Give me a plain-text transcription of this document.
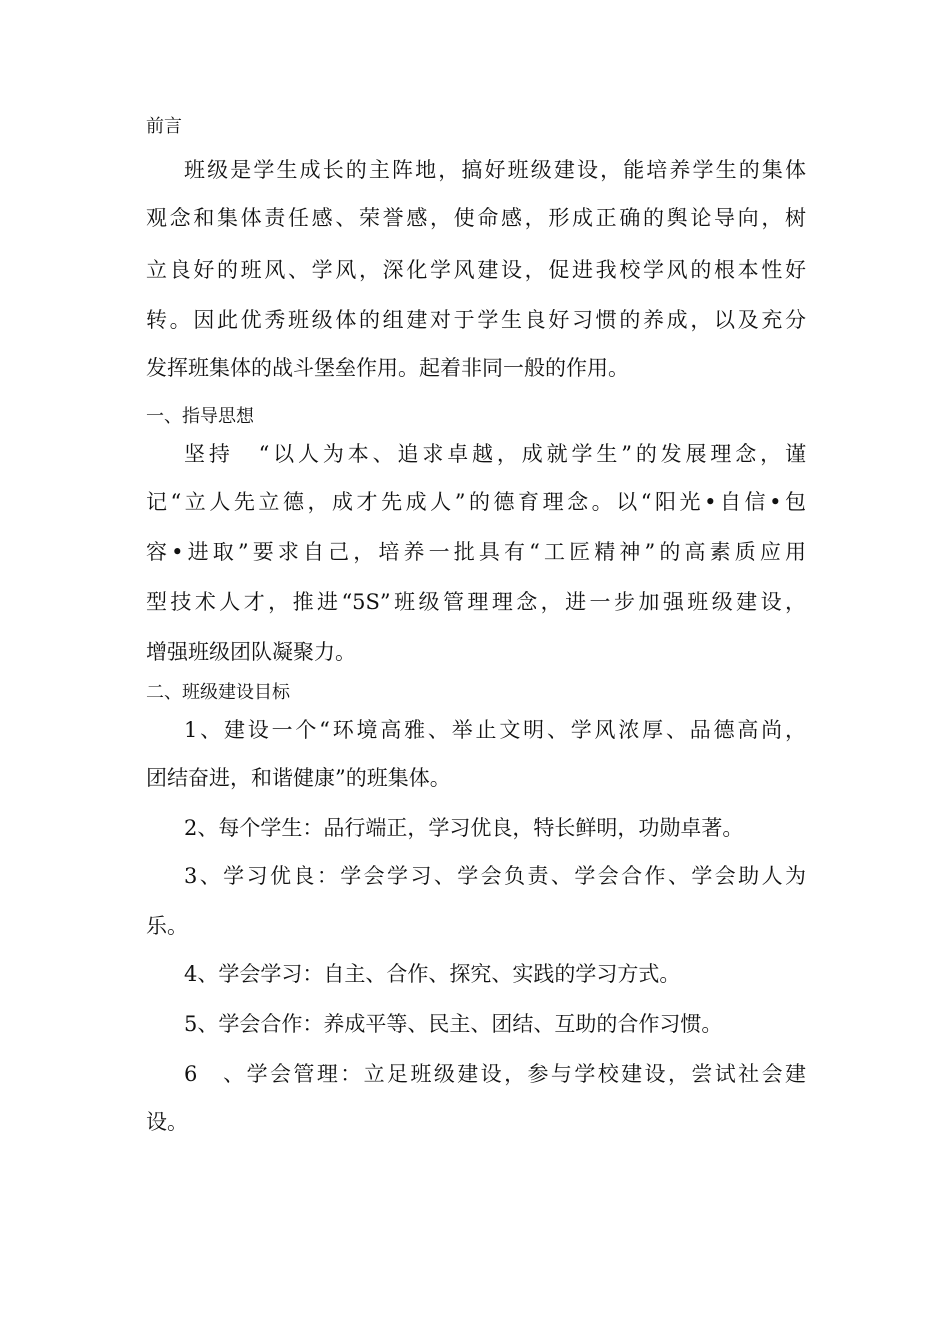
前言
班级是学生成长的主阵地，搞好班级建设，能培养学生的集体
观念和集体责任感、荣誉感，使命感，形成正确的舆论导向，树
立良好的班风、学风，深化学风建设，促进我校学风的根本性好
转。因此优秀班级体的组建对于学生良好习惯的养成，以及充分
发挥班集体的战斗堡垒作用。起着非同一般的作用。
一、指导思想
坚持　“以人为本、追求卓越，成就学生”的发展理念，谨
记“立人先立德，成才先成人”的德育理念。以“阳光•自信•包
容•进取”要求自己，培养一批具有“工匠精神”的高素质应用
型技术人才，推进“5S”班级管理理念，进一步加强班级建设，
增强班级团队凝聚力。
二、班级建设目标
1、建设一个“环境高雅、举止文明、学风浓厚、品德高尚，
团结奋进，和谐健康”的班集体。
2、每个学生：品行端正，学习优良，特长鲜明，功勋卓著。
3、学习优良：学会学习、学会负责、学会合作、学会助人为
乐。
4、学会学习：自主、合作、探究、实践的学习方式。
5、学会合作：养成平等、民主、团结、互助的合作习惯。
6　、学会管理：立足班级建设，参与学校建设，尝试社会建
设。
